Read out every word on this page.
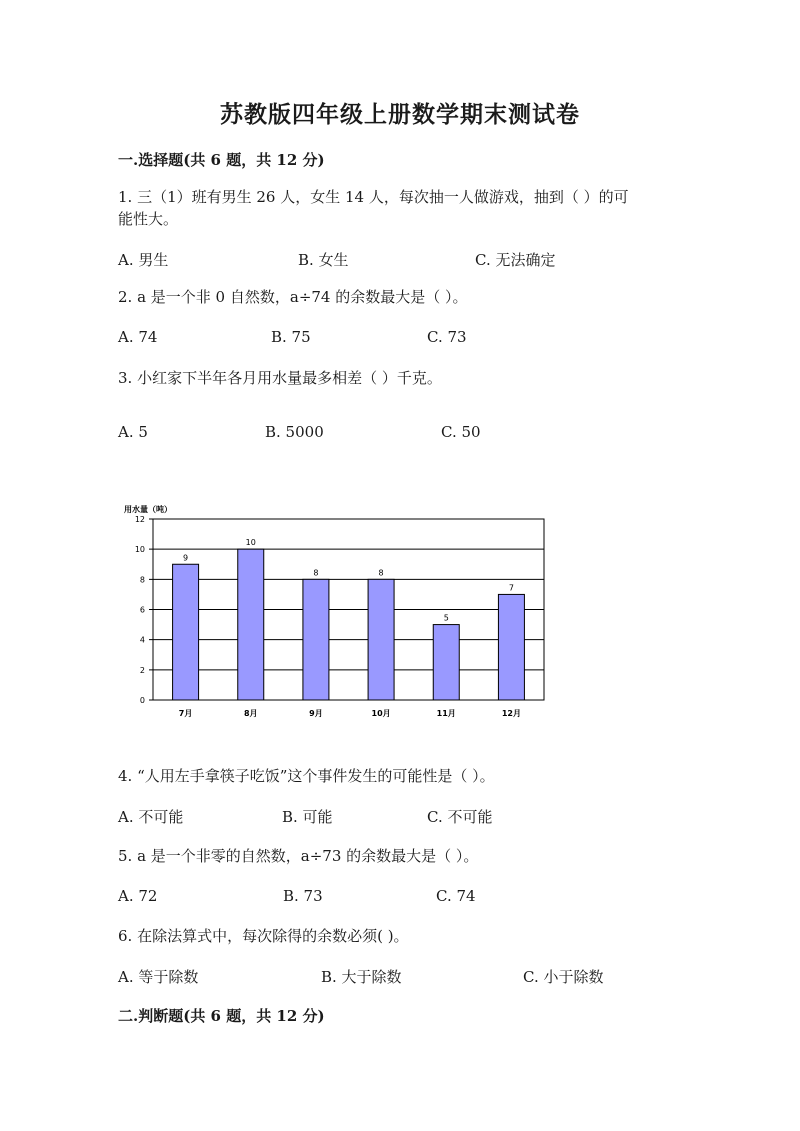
苏教版四年级上册数学期末测试卷
一.选择题(共 6 题，共 12 分)
1. 三（1）班有男生 26 人，女生 14 人，每次抽一人做游戏，抽到（ ）的可
能性大。
A. 男生	B. 女生	C. 无法确定
2. a 是一个非 0 自然数，a÷74 的余数最大是（ ）。
A. 74	B. 75	C. 73
3. 小红家下半年各月用水量最多相差（ ）千克。
A. 5	B. 5000	C. 50
用水量（吨）
0
2
4
6
8
10
12
9
7月
10
8月
8
9月
8
10月
5
11月
7
12月
4. “人用左手拿筷子吃饭”这个事件发生的可能性是（ ）。
A. 不可能	B. 可能	C. 不可能
5. a 是一个非零的自然数，a÷73 的余数最大是（ ）。
A. 72	B. 73	C. 74
6. 在除法算式中，每次除得的余数必须( )。
A. 等于除数	B. 大于除数	C. 小于除数
二.判断题(共 6 题，共 12 分)
